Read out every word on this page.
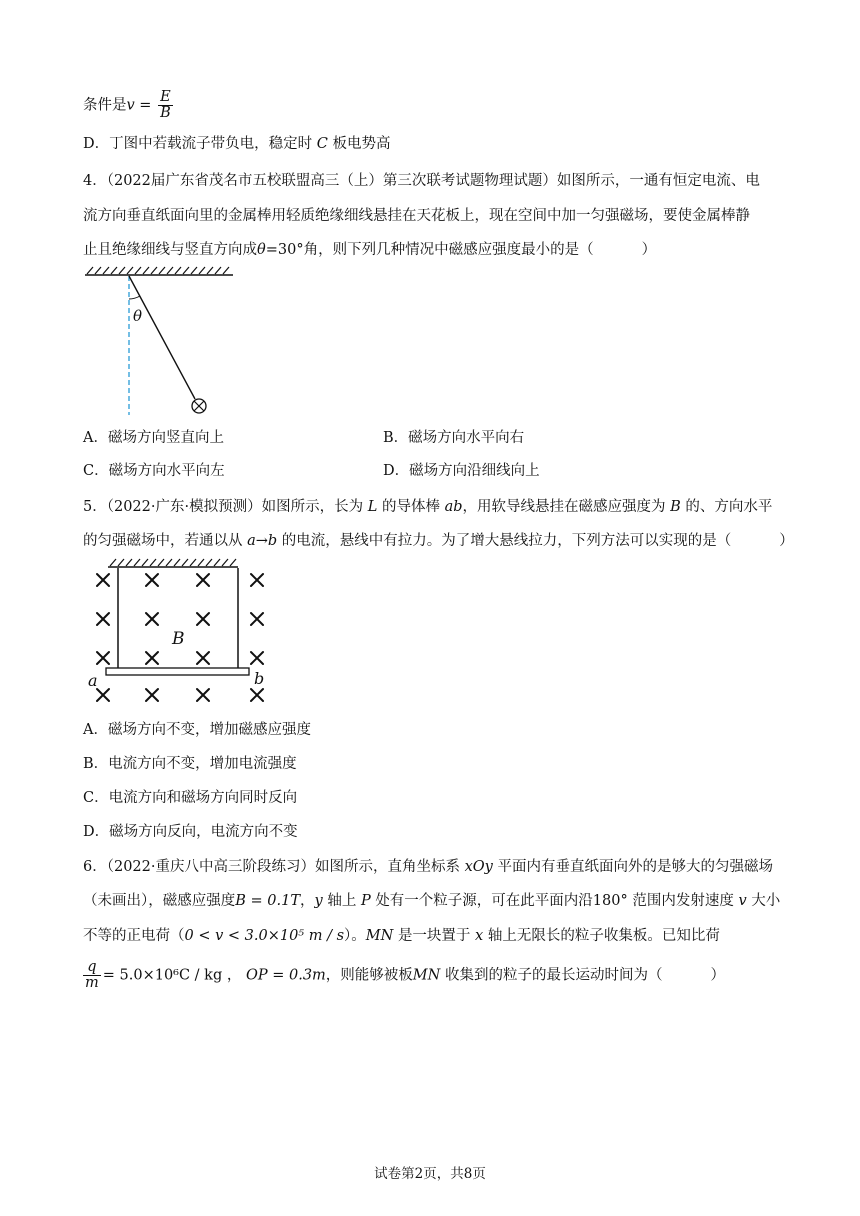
条件是$v = \frac{E}{B}$
D．丁图中若载流子带负电，稳定时 C 板电势高
4．（2022届广东省茂名市五校联盟高三（上）第三次联考试题物理试题）如图所示，一通有恒定电流、电
流方向垂直纸面向里的金属棒用轻质绝缘细线悬挂在天花板上，现在空间中加一匀强磁场，要使金属棒静
止且绝缘细线与竖直方向成θ=30°角，则下列几种情况中磁感应强度最小的是（	）
θ
A．磁场方向竖直向上	B．磁场方向水平向右
C．磁场方向水平向左	D．磁场方向沿细线向上
5．（2022·广东·模拟预测）如图所示，长为 L 的导体棒 ab，用软导线悬挂在磁感应强度为 B 的、方向水平
的匀强磁场中，若通以从 a→b 的电流，悬线中有拉力。为了增大悬线拉力，下列方法可以实现的是（	）
B
a	b
A．磁场方向不变，增加磁感应强度
B．电流方向不变，增加电流强度
C．电流方向和磁场方向同时反向
D．磁场方向反向，电流方向不变
6．（2022·重庆八中高三阶段练习）如图所示，直角坐标系 xOy 平面内有垂直纸面向外的是够大的匀强磁场
（未画出），磁感应强度B = 0.1T，y 轴上 P 处有一个粒子源，可在此平面内沿180° 范围内发射速度 v 大小
不等的正电荷（0 < v < 3.0×10⁵ m / s）。MN 是一块置于 x 轴上无限长的粒子收集板。已知比荷
$\frac{q}{m} = 5.0\times 10^6C$ / kg ， OP = 0.3m，则能够被板MN 收集到的粒子的最长运动时间为（	）
试卷第2页，共8页
